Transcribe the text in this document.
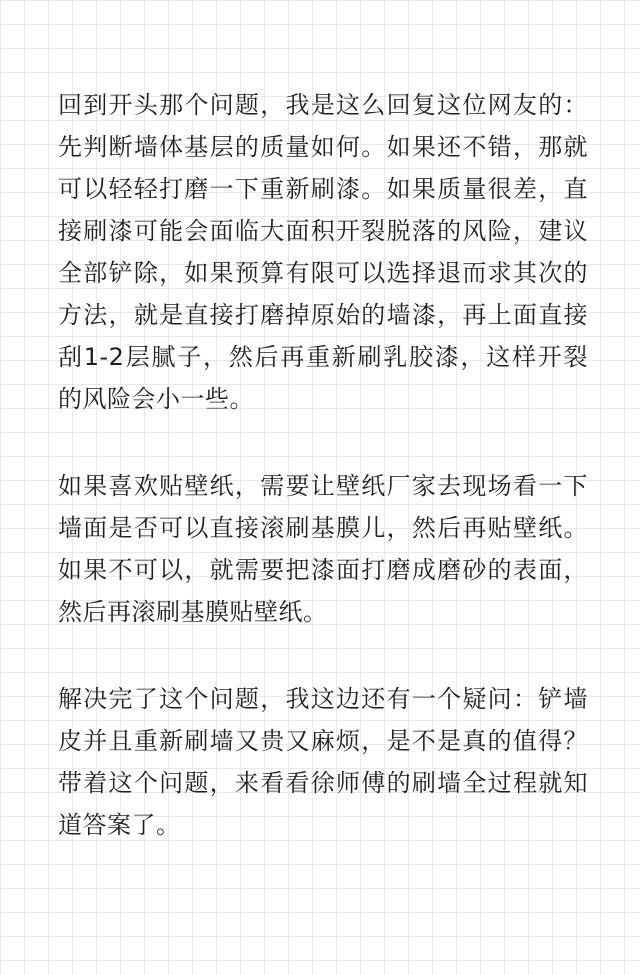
回到开头那个问题，我是这么回复这位网友的：先判断墙体基层的质量如何。如果还不错，那就可以轻轻打磨一下重新刷漆。如果质量很差，直接刷漆可能会面临大面积开裂脱落的风险，建议全部铲除，如果预算有限可以选择退而求其次的方法，就是直接打磨掉原始的墙漆，再上面直接刮1-2层腻子，然后再重新刷乳胶漆，这样开裂的风险会小一些。

如果喜欢贴壁纸，需要让壁纸厂家去现场看一下墙面是否可以直接滚刷基膜儿，然后再贴壁纸。如果不可以，就需要把漆面打磨成磨砂的表面，然后再滚刷基膜贴壁纸。

解决完了这个问题，我这边还有一个疑问：铲墙皮并且重新刷墙又贵又麻烦，是不是真的值得？带着这个问题，来看看徐师傅的刷墙全过程就知道答案了。
